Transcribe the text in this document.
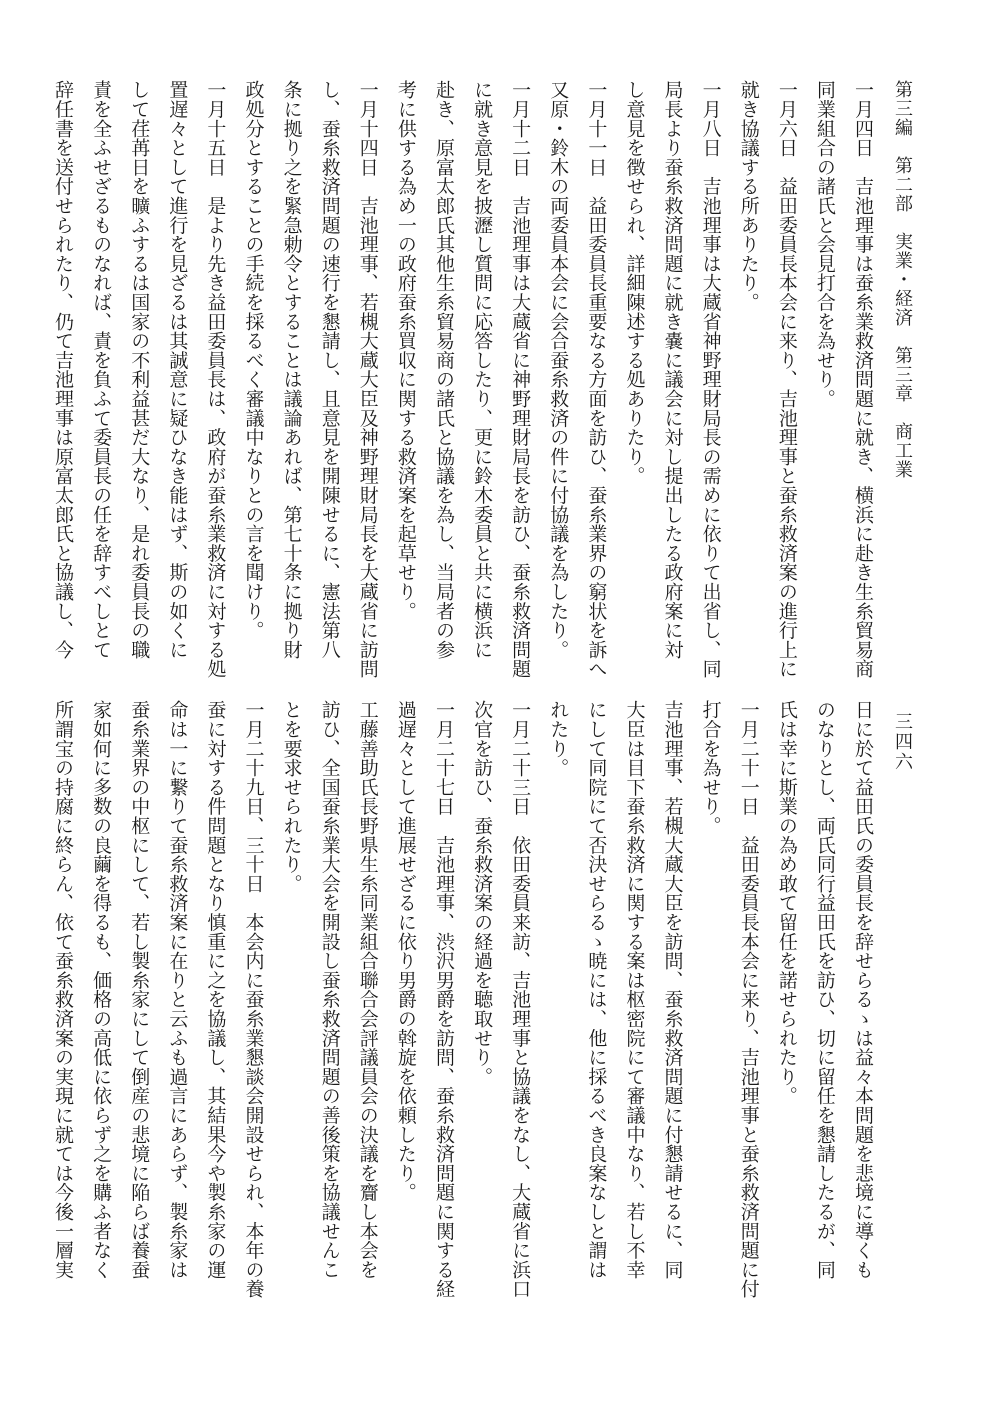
第三編　第二部　実業・経済　第三章　商工業
三四六
一月四日　吉池理事は蚕糸業救済問題に就き、横浜に赴き生糸貿易商
同業組合の諸氏と会見打合を為せり。
一月六日　益田委員長本会に来り、吉池理事と蚕糸救済案の進行上に
就き協議する所ありたり。
一月八日　吉池理事は大蔵省神野理財局長の需めに依りて出省し、同
局長より蚕糸救済問題に就き嚢に議会に対し提出したる政府案に対
し意見を徴せられ、詳細陳述する処ありたり。
一月十一日　益田委員長重要なる方面を訪ひ、蚕糸業界の窮状を訴へ
又原・鈴木の両委員本会に会合蚕糸救済の件に付協議を為したり。
一月十二日　吉池理事は大蔵省に神野理財局長を訪ひ、蚕糸救済問題
に就き意見を披瀝し質問に応答したり、更に鈴木委員と共に横浜に
赴き、原富太郎氏其他生糸貿易商の諸氏と協議を為し、当局者の参
考に供する為め一の政府蚕糸買収に関する救済案を起草せり。
一月十四日　吉池理事、若槻大蔵大臣及神野理財局長を大蔵省に訪問
し、蚕糸救済問題の速行を懇請し、且意見を開陳せるに、憲法第八
条に拠り之を緊急勅令とすることは議論あれば、第七十条に拠り財
政処分とすることの手続を採るべく審議中なりとの言を聞けり。
一月十五日　是より先き益田委員長は、政府が蚕糸業救済に対する処
置遅々として進行を見ざるは其誠意に疑ひなき能はず、斯の如くに
して荏苒日を曠ふするは国家の不利益甚だ大なり、是れ委員長の職
責を全ふせざるものなれば、責を負ふて委員長の任を辞すべしとて
辞任書を送付せられたり、仍て吉池理事は原富太郎氏と協議し、今
日に於て益田氏の委員長を辞せらるゝは益々本問題を悲境に導くも
のなりとし、両氏同行益田氏を訪ひ、切に留任を懇請したるが、同
氏は幸に斯業の為め敢て留任を諾せられたり。
一月二十一日　益田委員長本会に来り、吉池理事と蚕糸救済問題に付
打合を為せり。
吉池理事、若槻大蔵大臣を訪問、蚕糸救済問題に付懇請せるに、同
大臣は目下蚕糸救済に関する案は枢密院にて審議中なり、若し不幸
にして同院にて否決せらるゝ暁には、他に採るべき良案なしと謂は
れたり。
一月二十三日　依田委員来訪、吉池理事と協議をなし、大蔵省に浜口
次官を訪ひ、蚕糸救済案の経過を聴取せり。
一月二十七日　吉池理事、渋沢男爵を訪問、蚕糸救済問題に関する経
過遅々として進展せざるに依り男爵の斡旋を依頼したり。
工藤善助氏長野県生糸同業組合聯合会評議員会の決議を齎し本会を
訪ひ、全国蚕糸業大会を開設し蚕糸救済問題の善後策を協議せんこ
とを要求せられたり。
一月二十九日、三十日　本会内に蚕糸業懇談会開設せられ、本年の養
蚕に対する件問題となり慎重に之を協議し、其結果今や製糸家の運
命は一に繋りて蚕糸救済案に在りと云ふも過言にあらず、製糸家は
蚕糸業界の中枢にして、若し製糸家にして倒産の悲境に陥らば養蚕
家如何に多数の良繭を得るも、価格の高低に依らず之を購ふ者なく
所謂宝の持腐に終らん、依て蚕糸救済案の実現に就ては今後一層実
